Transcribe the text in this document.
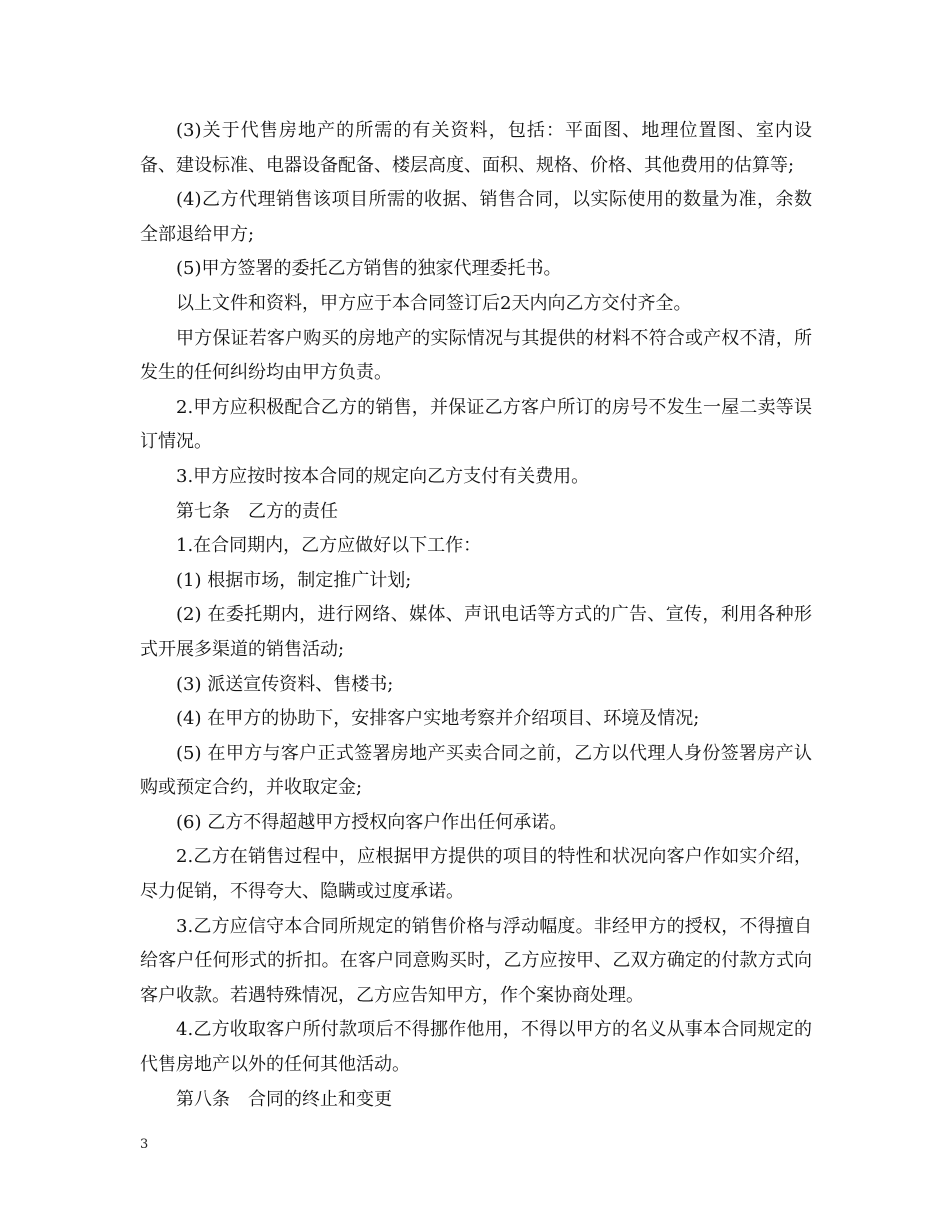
(3)关于代售房地产的所需的有关资料，包括：平面图、地理位置图、室内设备、建设标准、电器设备配备、楼层高度、面积、规格、价格、其他费用的估算等;

(4)乙方代理销售该项目所需的收据、销售合同，以实际使用的数量为准，余数全部退给甲方;

(5)甲方签署的委托乙方销售的独家代理委托书。

以上文件和资料，甲方应于本合同签订后2天内向乙方交付齐全。

甲方保证若客户购买的房地产的实际情况与其提供的材料不符合或产权不清，所发生的任何纠纷均由甲方负责。

2.甲方应积极配合乙方的销售，并保证乙方客户所订的房号不发生一屋二卖等误订情况。

3.甲方应按时按本合同的规定向乙方支付有关费用。

第七条　乙方的责任

1.在合同期内，乙方应做好以下工作：

(1) 根据市场，制定推广计划;

(2) 在委托期内，进行网络、媒体、声讯电话等方式的广告、宣传，利用各种形式开展多渠道的销售活动;

(3) 派送宣传资料、售楼书;

(4) 在甲方的协助下，安排客户实地考察并介绍项目、环境及情况;

(5) 在甲方与客户正式签署房地产买卖合同之前，乙方以代理人身份签署房产认购或预定合约，并收取定金;

(6) 乙方不得超越甲方授权向客户作出任何承诺。

2.乙方在销售过程中，应根据甲方提供的项目的特性和状况向客户作如实介绍，尽力促销，不得夸大、隐瞒或过度承诺。

3.乙方应信守本合同所规定的销售价格与浮动幅度。非经甲方的授权，不得擅自给客户任何形式的折扣。在客户同意购买时，乙方应按甲、乙双方确定的付款方式向客户收款。若遇特殊情况，乙方应告知甲方，作个案协商处理。

4.乙方收取客户所付款项后不得挪作他用，不得以甲方的名义从事本合同规定的代售房地产以外的任何其他活动。

第八条　合同的终止和变更

3
